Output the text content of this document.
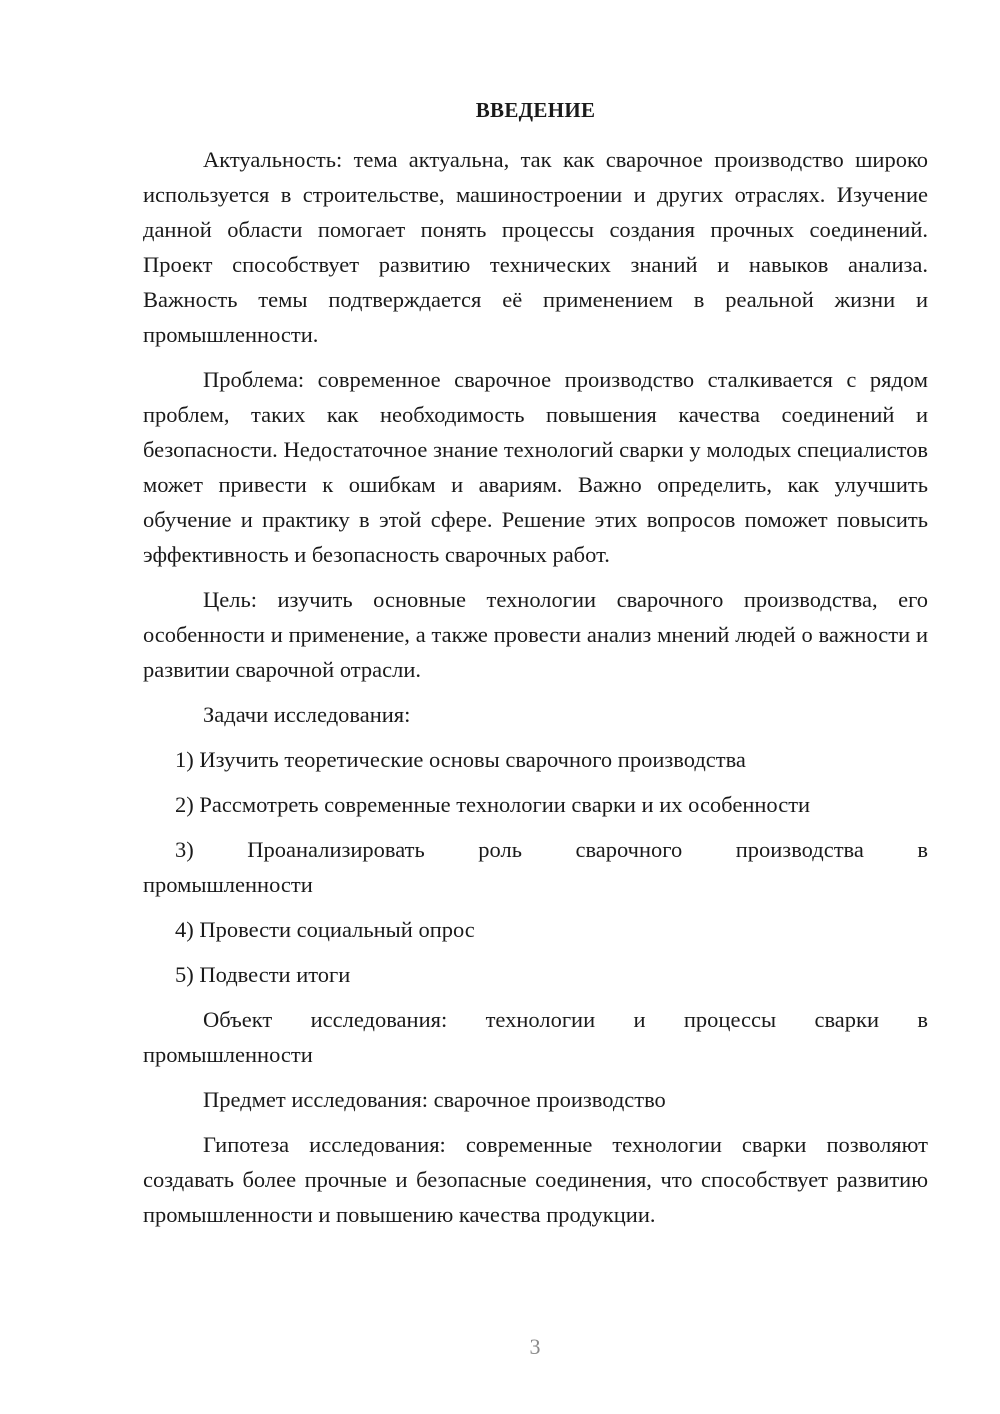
ВВЕДЕНИЕ

Актуальность: тема актуальна, так как сварочное производство широко используется в строительстве, машиностроении и других отраслях. Изучение данной области помогает понять процессы создания прочных соединений. Проект способствует развитию технических знаний и навыков анализа. Важность темы подтверждается её применением в реальной жизни и промышленности.

Проблема: современное сварочное производство сталкивается с рядом проблем, таких как необходимость повышения качества соединений и безопасности. Недостаточное знание технологий сварки у молодых специалистов может привести к ошибкам и авариям. Важно определить, как улучшить обучение и практику в этой сфере. Решение этих вопросов поможет повысить эффективность и безопасность сварочных работ.

Цель: изучить основные технологии сварочного производства, его особенности и применение, а также провести анализ мнений людей о важности и развитии сварочной отрасли.

Задачи исследования:

1) Изучить теоретические основы сварочного производства

2) Рассмотреть современные технологии сварки и их особенности

3) Проанализировать роль сварочного производства в промышленности

4) Провести социальный опрос

5) Подвести итоги

Объект исследования: технологии и процессы сварки в промышленности

Предмет исследования: сварочное производство

Гипотеза исследования: современные технологии сварки позволяют создавать более прочные и безопасные соединения, что способствует развитию промышленности и повышению качества продукции.

3
